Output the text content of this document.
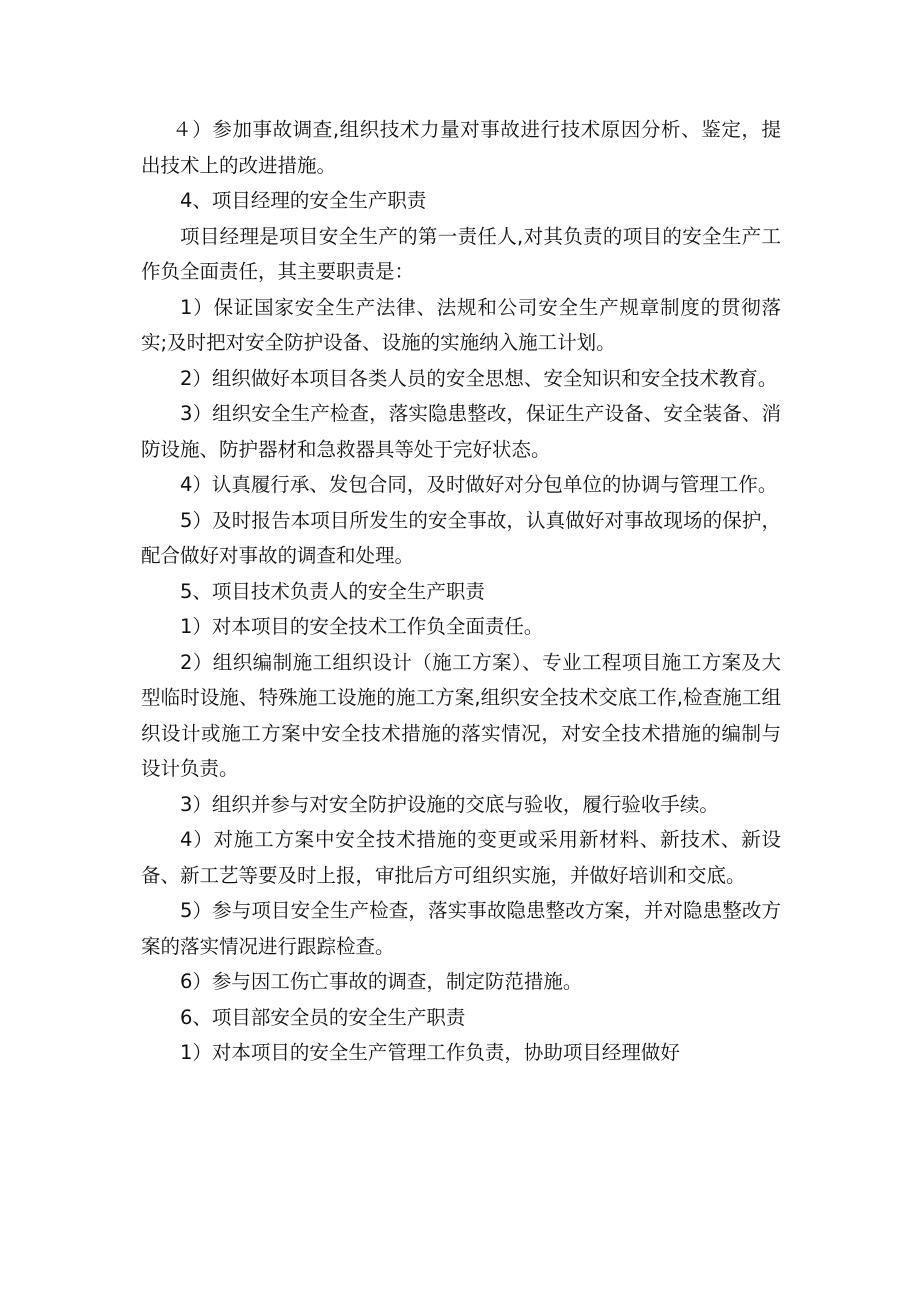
４）参加事故调查,组织技术力量对事故进行技术原因分析、鉴定，提出技术上的改进措施。

4、项目经理的安全生产职责

项目经理是项目安全生产的第一责任人,对其负责的项目的安全生产工作负全面责任，其主要职责是：

1）保证国家安全生产法律、法规和公司安全生产规章制度的贯彻落实;及时把对安全防护设备、设施的实施纳入施工计划。

2）组织做好本项目各类人员的安全思想、安全知识和安全技术教育。

3）组织安全生产检查，落实隐患整改，保证生产设备、安全装备、消防设施、防护器材和急救器具等处于完好状态。

4）认真履行承、发包合同，及时做好对分包单位的协调与管理工作。

5）及时报告本项目所发生的安全事故，认真做好对事故现场的保护，配合做好对事故的调查和处理。

5、项目技术负责人的安全生产职责

1）对本项目的安全技术工作负全面责任。

2）组织编制施工组织设计（施工方案）、专业工程项目施工方案及大型临时设施、特殊施工设施的施工方案,组织安全技术交底工作,检查施工组织设计或施工方案中安全技术措施的落实情况，对安全技术措施的编制与设计负责。

3）组织并参与对安全防护设施的交底与验收，履行验收手续。

4）对施工方案中安全技术措施的变更或采用新材料、新技术、新设备、新工艺等要及时上报，审批后方可组织实施，并做好培训和交底。

5）参与项目安全生产检查，落实事故隐患整改方案，并对隐患整改方案的落实情况进行跟踪检查。

6）参与因工伤亡事故的调查，制定防范措施。

6、项目部安全员的安全生产职责

1）对本项目的安全生产管理工作负责，协助项目经理做好
